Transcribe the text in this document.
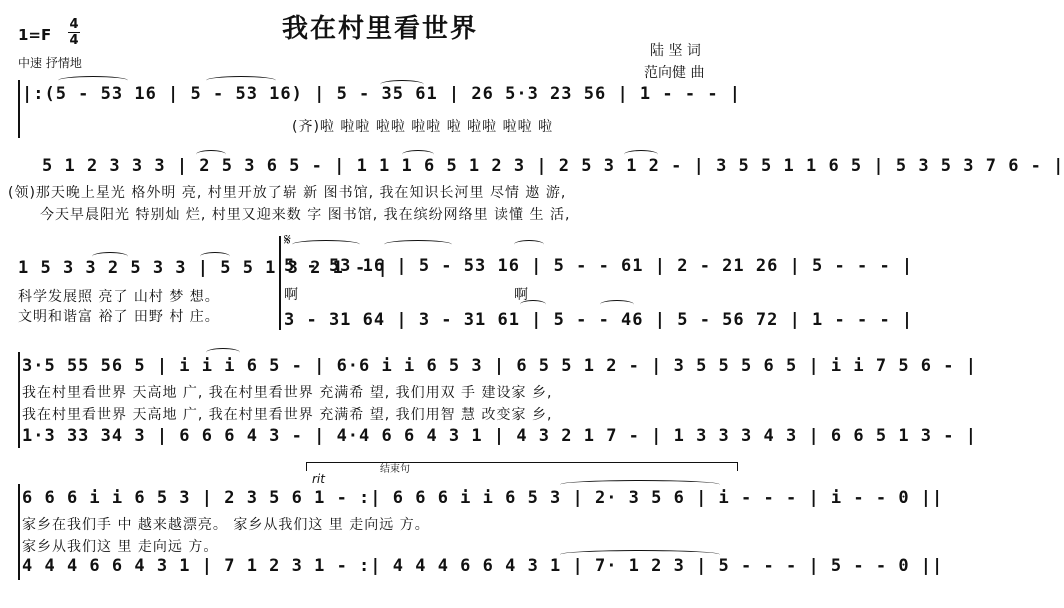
我在村里看世界
1=F
4
4
中速 抒情地
陆 坚 词
范向健 曲
|:(5 - 53 16 | 5 - 53 16) | 5 - 35 61 | 26 5·3 23 56 | 1 - - - |
(齐)啦 啦啦 啦啦 啦啦 啦 啦啦 啦啦 啦
5 1 2 3 3 3 | 2 5 3 6 5 - | 1 1 1 6 5 1 2 3 | 2 5 3 1 2 - | 3 5 5 1 1 6 5 | 5 3 5 3 7 6 - |
(领)那天晚上星光 格外明 亮, 村里开放了崭 新 图书馆, 我在知识长河里 尽情 遨 游,
今天早晨阳光 特别灿 烂, 村里又迎来数 字 图书馆, 我在缤纷网络里 读懂 生 活,
1 5 3 3 2 5 3 3 | 5 5 1 3 2 1 - |
科学发展照 亮了 山村 梦 想。
文明和谐富 裕了 田野 村 庄。
𝄋
5 - 53 16 | 5 - 53 16 | 5 - - 61 | 2 - 21 26 | 5 - - - |
啊	啊
3 - 31 64 | 3 - 31 61 | 5 - - 46 | 5 - 56 72 | 1 - - - |
3·5 55 56 5 | i i i 6 5 - | 6·6 i i 6 5 3 | 6 5 5 1 2 - | 3 5 5 5 6 5 | i i 7 5 6 - |
我在村里看世界 天高地 广, 我在村里看世界 充满希 望, 我们用双 手 建设家 乡,
我在村里看世界 天高地 广, 我在村里看世界 充满希 望, 我们用智 慧 改变家 乡,
1·3 33 34 3 | 6 6 6 4 3 - | 4·4 6 6 4 3 1 | 4 3 2 1 7 - | 1 3 3 3 4 3 | 6 6 5 1 3 - |
结束句
rit
6 6 6 i i 6 5 3 | 2 3 5 6 1 - :| 6 6 6 i i 6 5 3 | 2· 3 5 6 | i - - - | i - - 0 ||
家乡在我们手 中 越来越漂亮。 家乡从我们这 里 走向远 方。
家乡从我们这 里 走向远 方。
4 4 4 6 6 4 3 1 | 7 1 2 3 1 - :| 4 4 4 6 6 4 3 1 | 7· 1 2 3 | 5 - - - | 5 - - 0 ||
